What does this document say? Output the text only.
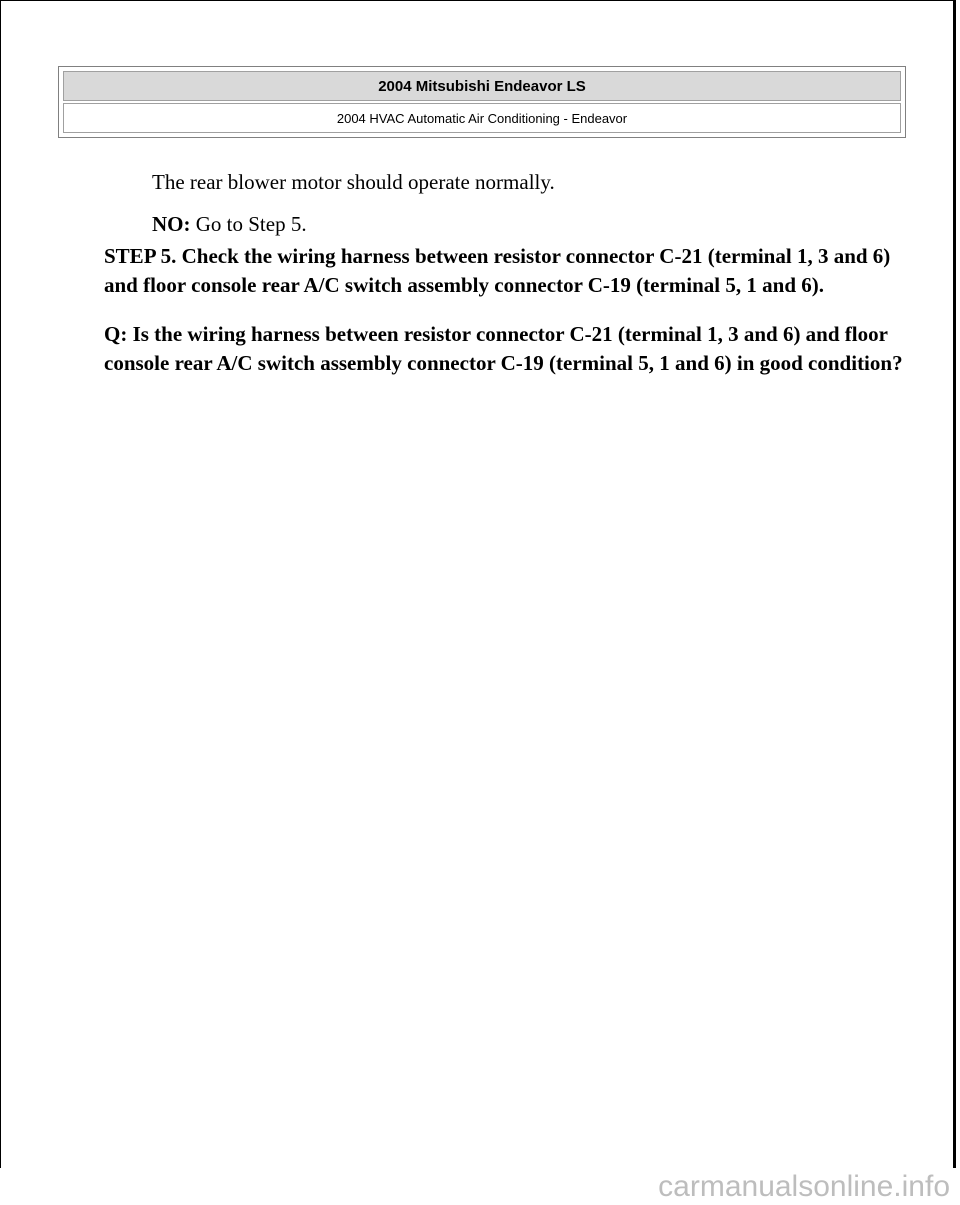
2004 Mitsubishi Endeavor LS
2004 HVAC Automatic Air Conditioning - Endeavor

The rear blower motor should operate normally.

NO: Go to Step 5.

STEP 5. Check the wiring harness between resistor connector C-21 (terminal 1, 3 and 6) and floor console rear A/C switch assembly connector C-19 (terminal 5, 1 and 6).

Q: Is the wiring harness between resistor connector C-21 (terminal 1, 3 and 6) and floor console rear A/C switch assembly connector C-19 (terminal 5, 1 and 6) in good condition?

carmanualsonline.info
